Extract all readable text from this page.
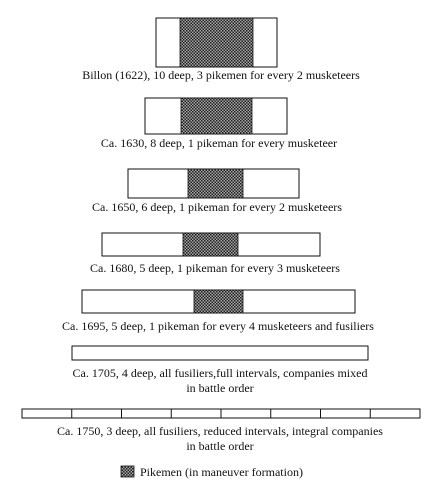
Billon (1622), 10 deep, 3 pikemen for every 2 musketeers
Ca. 1630, 8 deep, 1 pikeman for every musketeer
Ca. 1650, 6 deep, 1 pikeman for every 2 musketeers
Ca. 1680, 5 deep, 1 pikeman for every 3 musketeers
Ca. 1695, 5 deep, 1 pikeman for every 4 musketeers and fusiliers
Ca. 1705, 4 deep, all fusiliers,full intervals, companies mixed in battle order
Ca. 1750, 3 deep, all fusiliers, reduced intervals, integral companies in battle order
Pikemen (in maneuver formation)
